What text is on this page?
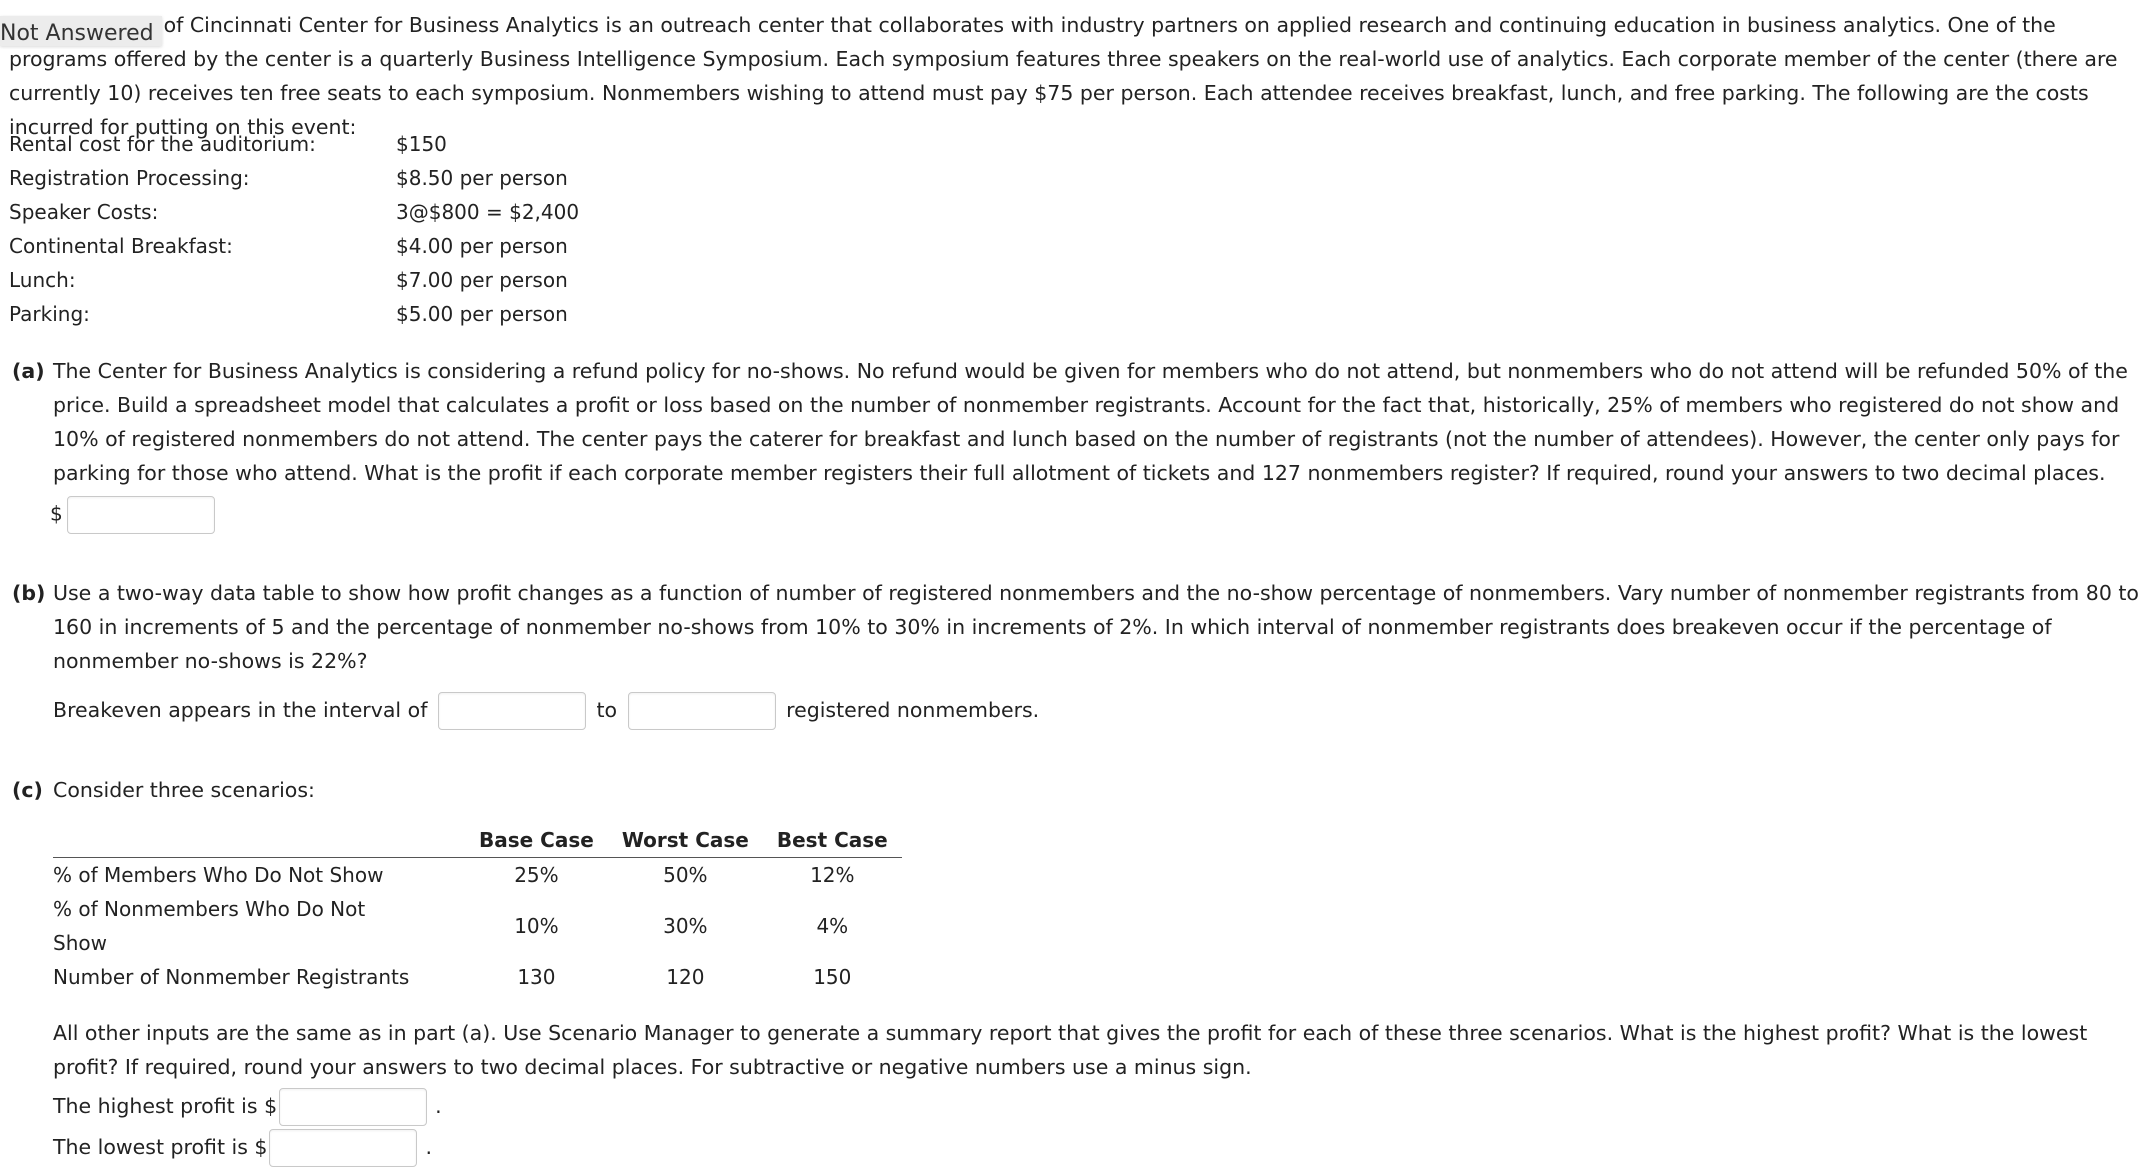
Not Answered of Cincinnati Center for Business Analytics is an outreach center that collaborates with industry partners on applied research and continuing education in business analytics. One of the programs offered by the center is a quarterly Business Intelligence Symposium. Each symposium features three speakers on the real-world use of analytics. Each corporate member of the center (there are currently 10) receives ten free seats to each symposium. Nonmembers wishing to attend must pay $75 per person. Each attendee receives breakfast, lunch, and free parking. The following are the costs incurred for putting on this event:
Rental cost for the auditorium:	$150
Registration Processing:	$8.50 per person
Speaker Costs:	3@$800 = $2,400
Continental Breakfast:	$4.00 per person
Lunch:	$7.00 per person
Parking:	$5.00 per person
(a) The Center for Business Analytics is considering a refund policy for no-shows. No refund would be given for members who do not attend, but nonmembers who do not attend will be refunded 50% of the price. Build a spreadsheet model that calculates a profit or loss based on the number of nonmember registrants. Account for the fact that, historically, 25% of members who registered do not show and 10% of registered nonmembers do not attend. The center pays the caterer for breakfast and lunch based on the number of registrants (not the number of attendees). However, the center only pays for parking for those who attend. What is the profit if each corporate member registers their full allotment of tickets and 127 nonmembers register? If required, round your answers to two decimal places.
$
(b) Use a two-way data table to show how profit changes as a function of number of registered nonmembers and the no-show percentage of nonmembers. Vary number of nonmember registrants from 80 to 160 in increments of 5 and the percentage of nonmember no-shows from 10% to 30% in increments of 2%. In which interval of nonmember registrants does breakeven occur if the percentage of nonmember no-shows is 22%?
Breakeven appears in the interval of	to	registered nonmembers.
(c) Consider three scenarios:
	Base Case	Worst Case	Best Case
% of Members Who Do Not Show	25%	50%	12%
% of Nonmembers Who Do Not Show	10%	30%	4%
Number of Nonmember Registrants	130	120	150
All other inputs are the same as in part (a). Use Scenario Manager to generate a summary report that gives the profit for each of these three scenarios. What is the highest profit? What is the lowest profit? If required, round your answers to two decimal places. For subtractive or negative numbers use a minus sign.
The highest profit is $	.
The lowest profit is $	.
